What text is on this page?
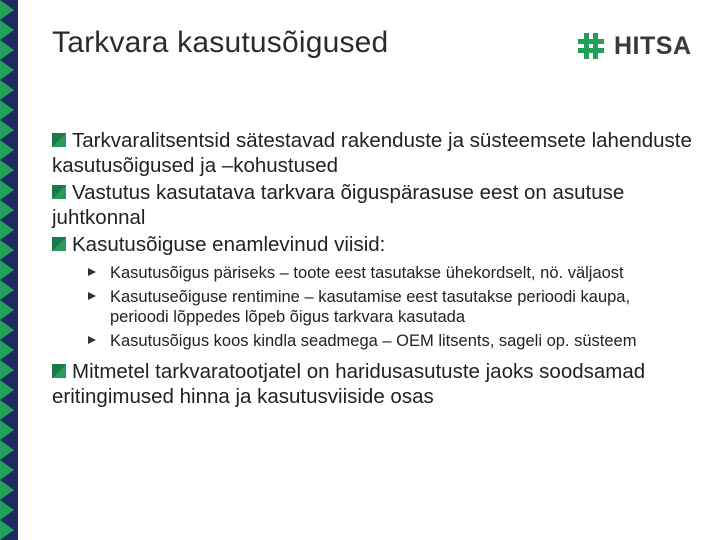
Tarkvara kasutusõigused	HITSA
Tarkvaralitsentsid sätestavad rakenduste ja süsteemsete lahenduste kasutusõigused ja –kohustused
Vastutus kasutatava tarkvara õiguspärasuse eest on asutuse juhtkonnal
Kasutusõiguse enamlevinud viisid:
Kasutusõigus päriseks – toote eest tasutakse ühekordselt, nö. väljaost
Kasutuseõiguse rentimine – kasutamise eest tasutakse perioodi kaupa, perioodi lõppedes lõpeb õigus tarkvara kasutada
Kasutusõigus koos kindla seadmega – OEM litsents, sageli op. süsteem
Mitmetel tarkvaratootjatel on haridusasutuste jaoks soodsamad eritingimused hinna ja kasutusviiside osas
